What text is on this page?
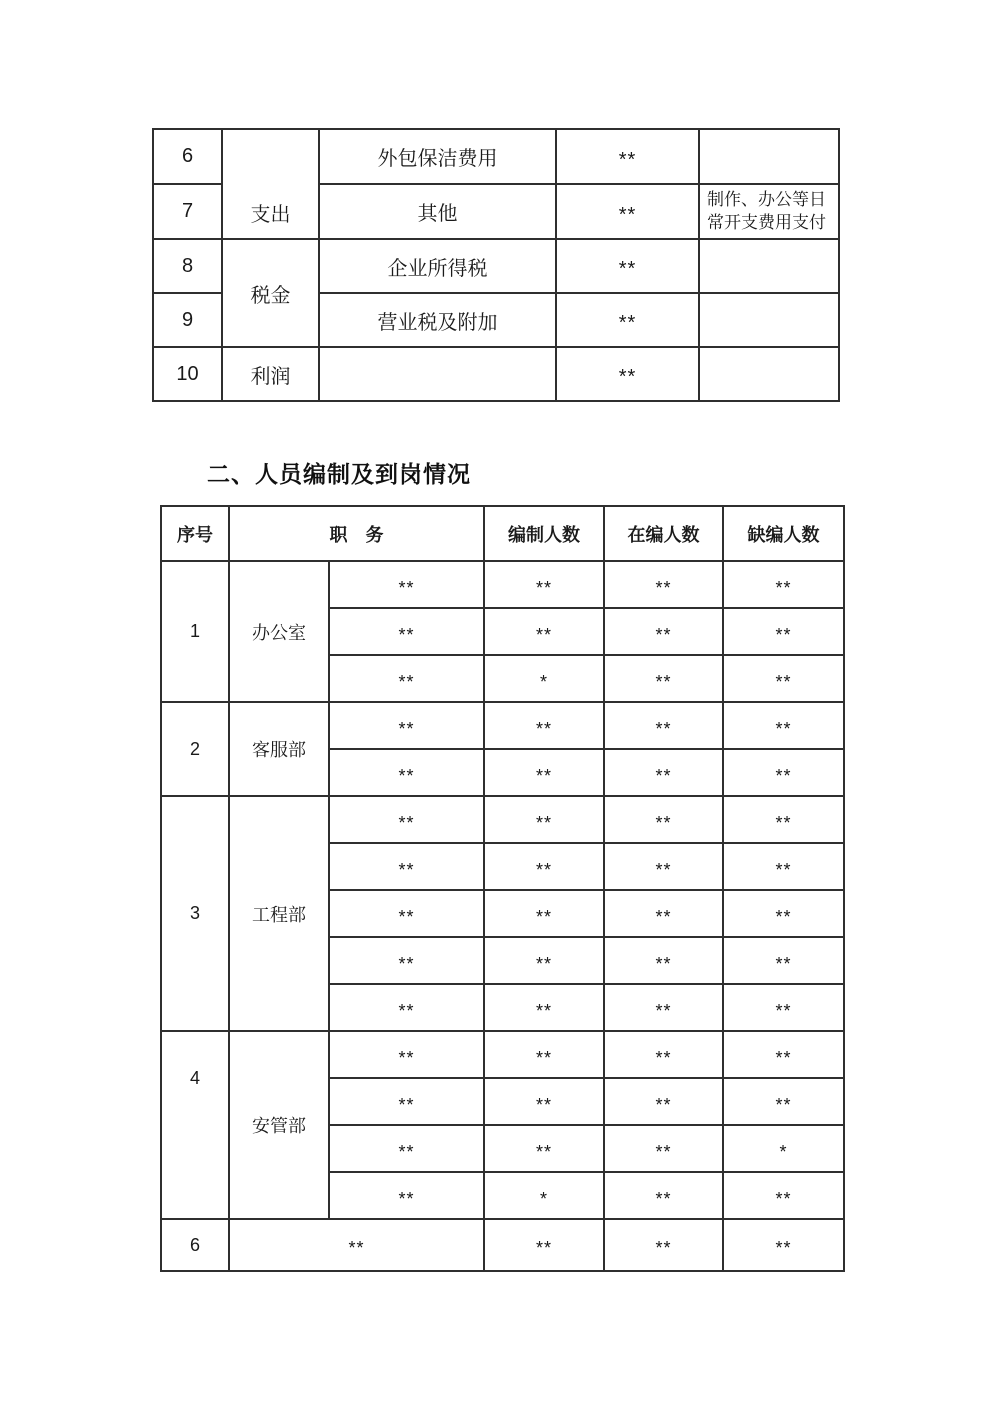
6	支出	外包保洁费用	**	
7		其他	**	制作、办公等日常开支费用支付
8	税金	企业所得税	**	
9		营业税及附加	**	
10	利润		**	
二、人员编制及到岗情况
序号	职　务		编制人数	在编人数	缺编人数
1	办公室	**	**	**	**
		**	**	**	**
		**	*	**	**
2	客服部	**	**	**	**
		**	**	**	**
3	工程部	**	**	**	**
		**	**	**	**
		**	**	**	**
		**	**	**	**
		**	**	**	**
4	安管部	**	**	**	**
		**	**	**	**
		**	**	**	*
		**	*	**	**
6	**		**	**	**
